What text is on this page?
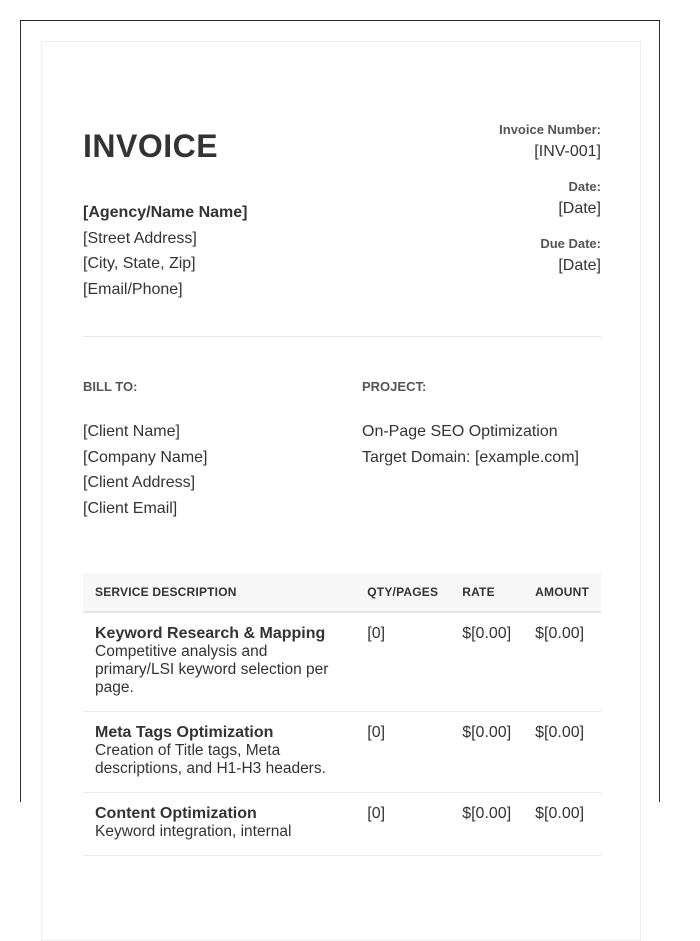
INVOICE
[Agency/Name Name]
[Street Address]
[City, State, Zip]
[Email/Phone]
Invoice Number:
[INV-001]
Date:
[Date]
Due Date:
[Date]
BILL TO:
[Client Name]
[Company Name]
[Client Address]
[Client Email]
PROJECT:
On-Page SEO Optimization
Target Domain: [example.com]
SERVICE DESCRIPTION	QTY/PAGES	RATE	AMOUNT

Keyword Research & Mapping
Competitive analysis and primary/LSI keyword selection per page.	[0]	$[0.00]	$[0.00]

Meta Tags Optimization
Creation of Title tags, Meta descriptions, and H1-H3 headers.	[0]	$[0.00]	$[0.00]

Content Optimization
Keyword integration, internal	[0]	$[0.00]	$[0.00]
